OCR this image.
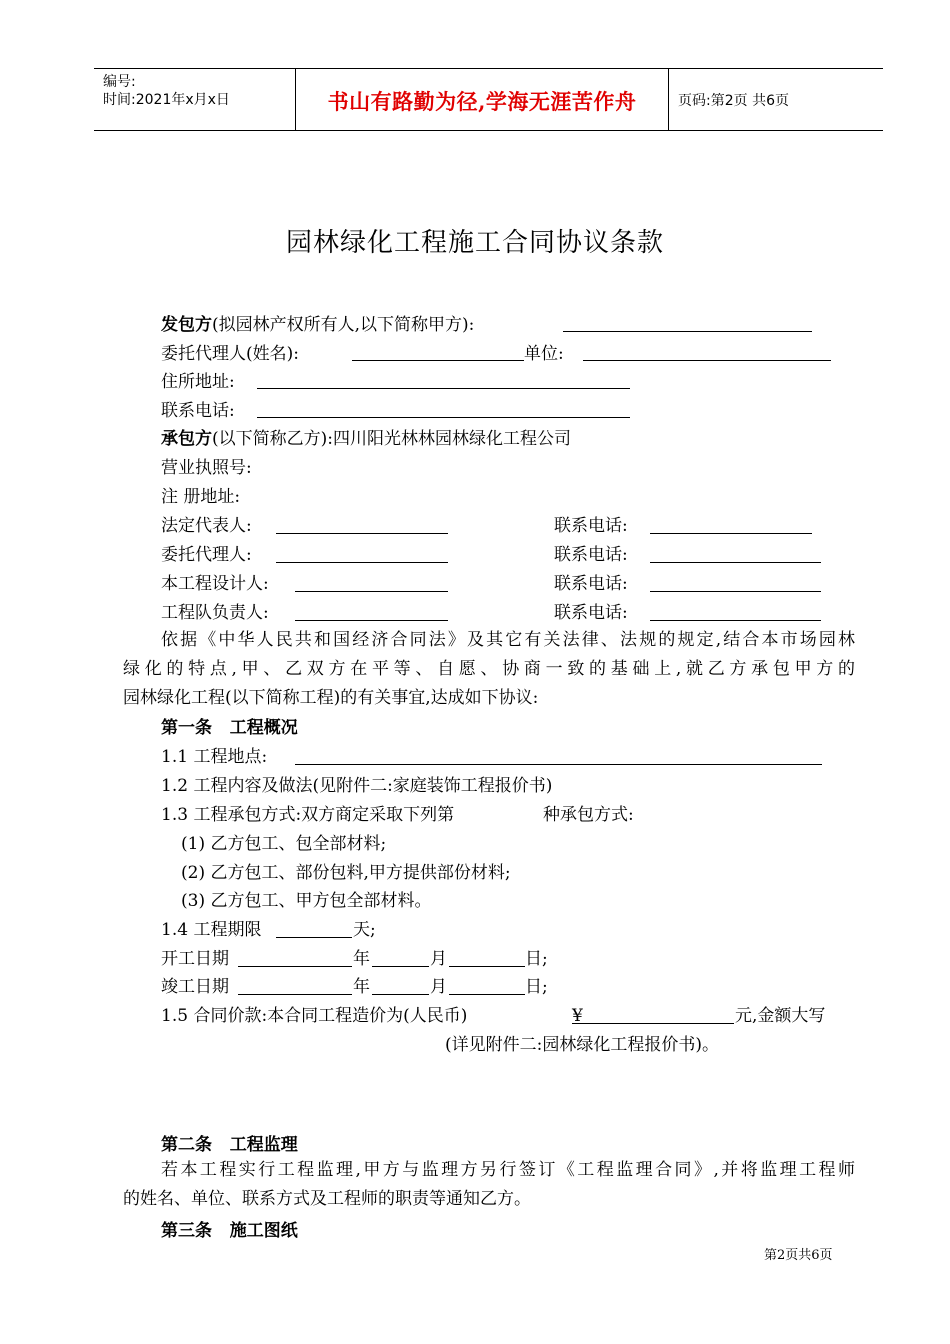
编号:
时间:2021年x月x日	书山有路勤为径,学海无涯苦作舟	页码:第2页 共6页
园林绿化工程施工合同协议条款
发包方(拟园林产权所有人,以下简称甲方):
委托代理人(姓名):	单位:
住所地址:
联系电话:
承包方(以下简称乙方):四川阳光林林园林绿化工程公司
营业执照号:
注 册地址:
法定代表人:	联系电话:
委托代理人:	联系电话:
本工程设计人:	联系电话:
工程队负责人:	联系电话:
依据《中华人民共和国经济合同法》及其它有关法律、法规的规定,结合本市场园林
绿化的特点,甲、乙双方在平等、自愿、协商一致的基础上,就乙方承包甲方的
园林绿化工程(以下简称工程)的有关事宜,达成如下协议:
第一条   工程概况
1.1 工程地点:
1.2 工程内容及做法(见附件二:家庭装饰工程报价书)
1.3 工程承包方式:双方商定采取下列第	种承包方式:
(1) 乙方包工、包全部材料;
(2) 乙方包工、部份包料,甲方提供部份材料;
(3) 乙方包工、甲方包全部材料。
1.4 工程期限	天;
开工日期	年	月	日;
竣工日期	年	月	日;
1.5 合同价款:本合同工程造价为(人民币)	¥	元,金额大写
(详见附件二:园林绿化工程报价书)。
第二条   工程监理
若本工程实行工程监理,甲方与监理方另行签订《工程监理合同》,并将监理工程师
的姓名、单位、联系方式及工程师的职责等通知乙方。
第三条   施工图纸
第2页共6页
